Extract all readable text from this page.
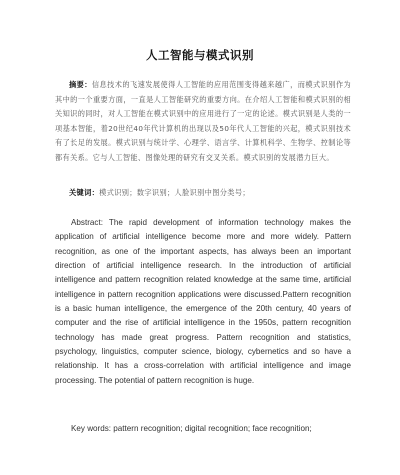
人工智能与模式识别
摘要：信息技术的飞速发展使得人工智能的应用范围变得越来越广，而模式识别作为其中的一个重要方面，一直是人工智能研究的重要方向。在介绍人工智能和模式识别的相关知识的同时，对人工智能在模式识别中的应用进行了一定的论述。模式识别是人类的一项基本智能，着20世纪40年代计算机的出现以及50年代人工智能的兴起，模式识别技术有了长足的发展。模式识别与统计学、心理学、语言学、计算机科学、生物学、控制论等都有关系。它与人工智能、图像处理的研究有交叉关系。模式识别的发展潜力巨大。
关键词：模式识别；数字识别；人脸识别中图分类号；
Abstract: The rapid development of information technology makes the application of artificial intelligence become more and more widely. Pattern recognition, as one of the important aspects, has always been an important direction of artificial intelligence research. In the introduction of artificial intelligence and pattern recognition related knowledge at the same time, artificial intelligence in pattern recognition applications were discussed.Pattern recognition is a basic human intelligence, the emergence of the 20th century, 40 years of computer and the rise of artificial intelligence in the 1950s, pattern recognition technology has made great progress. Pattern recognition and statistics, psychology, linguistics, computer science, biology, cybernetics and so have a relationship. It has a cross-correlation with artificial intelligence and image processing. The potential of pattern recognition is huge.
Key words: pattern recognition; digital recognition; face recognition;
